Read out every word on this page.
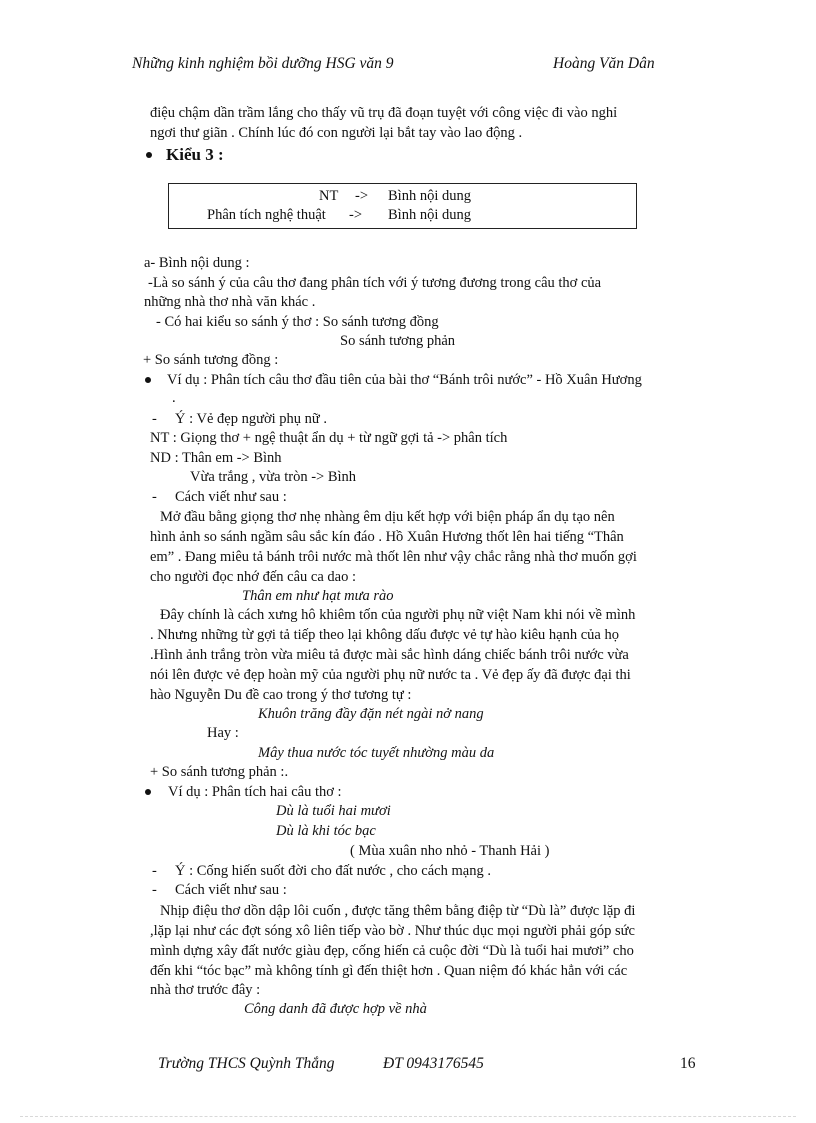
Những kinh nghiệm bồi dưỡng HSG văn 9	Hoàng Văn Dân
điệu chậm dần trầm lắng cho thấy vũ trụ đã đoạn tuyệt với công việc đi vào nghỉ
ngơi thư giãn . Chính lúc đó con người lại bắt tay vào lao động .
Kiểu 3 :
NT -> Bình nội dung
Phân tích nghệ thuật -> Bình nội dung
a- Bình nội dung :
-Là so sánh ý của câu thơ đang phân tích với ý tương đương trong câu thơ của
những nhà thơ nhà văn khác .
- Có hai kiểu so sánh ý thơ : So sánh tương đồng
So sánh tương phản
+ So sánh tương đồng :
Ví dụ : Phân tích câu thơ đầu tiên của bài thơ “Bánh trôi nước” - Hồ Xuân Hương
.
- Ý : Vẻ đẹp người phụ nữ .
NT : Giọng thơ + ngệ thuật ẩn dụ + từ ngữ gợi tả -> phân tích
ND : Thân em -> Bình
Vừa trắng , vừa tròn -> Bình
- Cách viết như sau :
Mở đầu bằng giọng thơ nhẹ nhàng êm dịu kết hợp với biện pháp ẩn dụ tạo nên
hình ảnh so sánh ngầm sâu sắc kín đáo . Hồ Xuân Hương thốt lên hai tiếng “Thân
em” . Đang miêu tả bánh trôi nước mà thốt lên như vậy chắc rằng nhà thơ muốn gợi
cho người đọc nhớ đến câu ca dao :
Thân em như hạt mưa rào
Đây chính là cách xưng hô khiêm tốn của người phụ nữ việt Nam khi nói về mình
. Nhưng những từ gợi tả tiếp theo lại không dấu được vẻ tự hào kiêu hạnh của họ
.Hình ảnh trắng tròn vừa miêu tả được mài sắc hình dáng chiếc bánh trôi nước vừa
nói lên được vẻ đẹp hoàn mỹ của người phụ nữ nước ta . Vẻ đẹp ấy đã được đại thi
hào Nguyễn Du đề cao trong ý thơ tương tự :
Khuôn trăng đầy đặn nét ngài nở nang
Hay :
Mây thua nước tóc tuyết nhường màu da
+ So sánh tương phản :.
Ví dụ : Phân tích hai câu thơ :
Dù là tuổi hai mươi
Dù là khi tóc bạc
( Mùa xuân nho nhỏ - Thanh Hải )
- Ý : Cống hiến suốt đời cho đất nước , cho cách mạng .
- Cách viết như sau :
Nhịp điệu thơ dồn dập lôi cuốn , được tăng thêm bằng điệp từ “Dù là” được lặp đi
,lặp lại như các đợt sóng xô liên tiếp vào bờ . Như thúc dục mọi người phải góp sức
mình dựng xây đất nước giàu đẹp, cống hiến cả cuộc đời “Dù là tuổi hai mươi” cho
đến khi “tóc bạc” mà không tính gì đến thiệt hơn . Quan niệm đó khác hẳn với các
nhà thơ trước đây :
Công danh đã được hợp về nhà
Trường THCS Quỳnh Thắng	ĐT 0943176545	16
